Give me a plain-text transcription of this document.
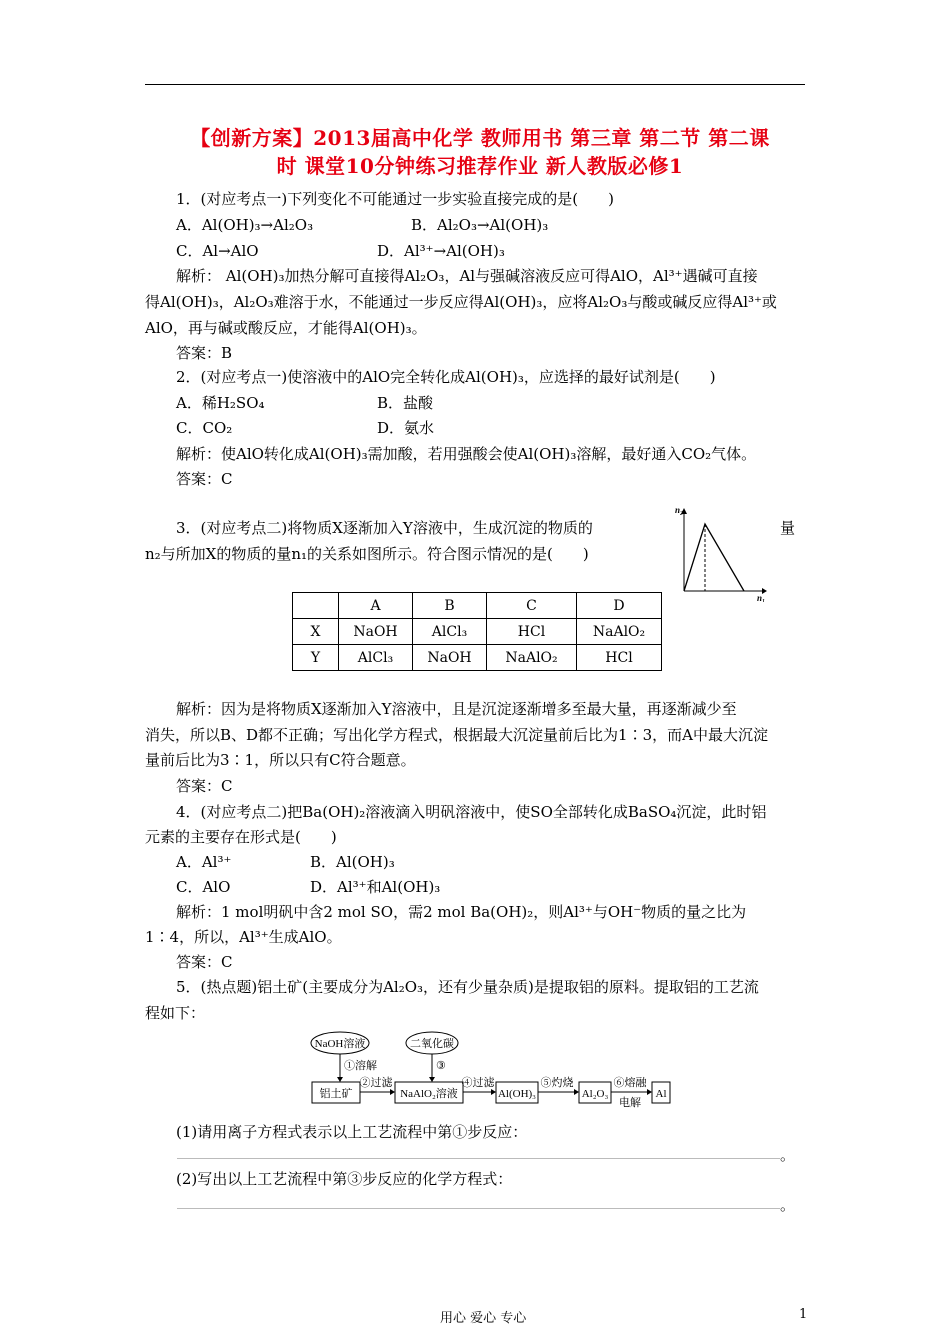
【创新方案】2013届高中化学 教师用书 第三章 第二节 第二课
时 课堂10分钟练习推荐作业 新人教版必修1
1．(对应考点一)下列变化不可能通过一步实验直接完成的是(　　)
A．Al(OH)₃→Al₂O₃	B．Al₂O₃→Al(OH)₃
C．Al→AlO	D．Al³⁺→Al(OH)₃
解析： Al(OH)₃加热分解可直接得Al₂O₃，Al与强碱溶液反应可得AlO，Al³⁺遇碱可直接
得Al(OH)₃，Al₂O₃难溶于水，不能通过一步反应得Al(OH)₃，应将Al₂O₃与酸或碱反应得Al³⁺或
AlO，再与碱或酸反应，才能得Al(OH)₃。
答案：B
2．(对应考点一)使溶液中的AlO完全转化成Al(OH)₃，应选择的最好试剂是(　　)
A．稀H₂SO₄	B．盐酸
C．CO₂	D．氨水
解析：使AlO转化成Al(OH)₃需加酸，若用强酸会使Al(OH)₃溶解，最好通入CO₂气体。
答案：C
3．(对应考点二)将物质X逐渐加入Y溶液中，生成沉淀的物质的	量
n₂与所加X的物质的量n₁的关系如图所示。符合图示情况的是(　　)
n₂
n₁
	A	B	C	D
X	NaOH	AlCl₃	HCl	NaAlO₂
Y	AlCl₃	NaOH	NaAlO₂	HCl
解析：因为是将物质X逐渐加入Y溶液中，且是沉淀逐渐增多至最大量，再逐渐减少至
消失，所以B、D都不正确；写出化学方程式，根据最大沉淀量前后比为1∶3，而A中最大沉淀
量前后比为3∶1，所以只有C符合题意。
答案：C
4．(对应考点二)把Ba(OH)₂溶液滴入明矾溶液中，使SO全部转化成BaSO₄沉淀，此时铝
元素的主要存在形式是(　　)
A．Al³⁺	B．Al(OH)₃
C．AlO	D．Al³⁺和Al(OH)₃
解析：1 mol明矾中含2 mol SO，需2 mol Ba(OH)₂，则Al³⁺与OH⁻物质的量之比为
1∶4，所以，Al³⁺生成AlO。
答案：C
5．(热点题)铝土矿(主要成分为Al₂O₃，还有少量杂质)是提取铝的原料。提取铝的工艺流
程如下：
NaOH溶液	二氧化碳
①溶解	③
铝土矿
②过滤
NaAlO₂溶液
④过滤
Al(OH)₃
⑤灼烧
Al₂O₃
⑥熔融
电解
Al
(1)请用离子方程式表示以上工艺流程中第①步反应：
。
(2)写出以上工艺流程中第③步反应的化学方程式：
。
用心 爱心 专心	1
